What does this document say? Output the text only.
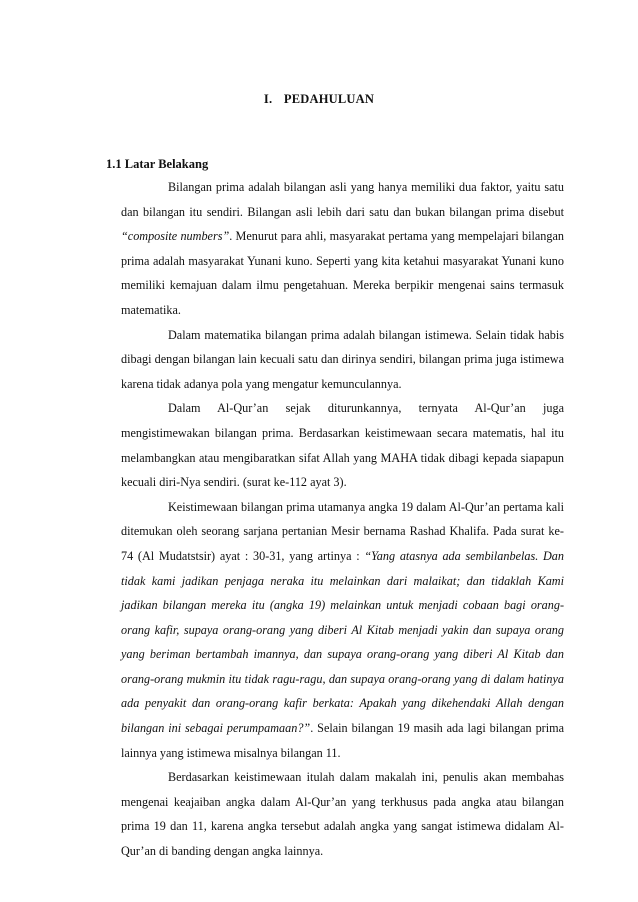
I. PEDAHULUAN
1.1 Latar Belakang

Bilangan prima adalah bilangan asli yang hanya memiliki dua faktor, yaitu satu dan bilangan itu sendiri. Bilangan asli lebih dari satu dan bukan bilangan prima disebut “composite numbers”. Menurut para ahli, masyarakat pertama yang mempelajari bilangan prima adalah masyarakat Yunani kuno. Seperti yang kita ketahui masyarakat Yunani kuno memiliki kemajuan dalam ilmu pengetahuan. Mereka berpikir mengenai sains termasuk matematika.

Dalam matematika bilangan prima adalah bilangan istimewa. Selain tidak habis dibagi dengan bilangan lain kecuali satu dan dirinya sendiri, bilangan prima juga istimewa karena tidak adanya pola yang mengatur kemunculannya.

Dalam Al-Qur’an sejak diturunkannya, ternyata Al-Qur’an juga mengistimewakan bilangan prima. Berdasarkan keistimewaan secara matematis, hal itu melambangkan atau mengibaratkan sifat Allah yang MAHA tidak dibagi kepada siapapun kecuali diri-Nya sendiri. (surat ke-112 ayat 3).

Keistimewaan bilangan prima utamanya angka 19 dalam Al-Qur’an pertama kali ditemukan oleh seorang sarjana pertanian Mesir bernama Rashad Khalifa. Pada surat ke-74 (Al Mudatstsir) ayat : 30-31, yang artinya : “Yang atasnya ada sembilanbelas. Dan tidak kami jadikan penjaga neraka itu melainkan dari malaikat; dan tidaklah Kami jadikan bilangan mereka itu (angka 19) melainkan untuk menjadi cobaan bagi orang-orang kafir, supaya orang-orang yang diberi Al Kitab menjadi yakin dan supaya orang yang beriman bertambah imannya, dan supaya orang-orang yang diberi Al Kitab dan orang-orang mukmin itu tidak ragu-ragu, dan supaya orang-orang yang di dalam hatinya ada penyakit dan orang-orang kafir berkata: Apakah yang dikehendaki Allah dengan bilangan ini sebagai perumpamaan?”. Selain bilangan 19 masih ada lagi bilangan prima lainnya yang istimewa misalnya bilangan 11.

Berdasarkan keistimewaan itulah dalam makalah ini, penulis akan membahas mengenai keajaiban angka dalam Al-Qur’an yang terkhusus pada angka atau bilangan prima 19 dan 11, karena angka tersebut adalah angka yang sangat istimewa didalam Al-Qur’an di banding dengan angka lainnya.
